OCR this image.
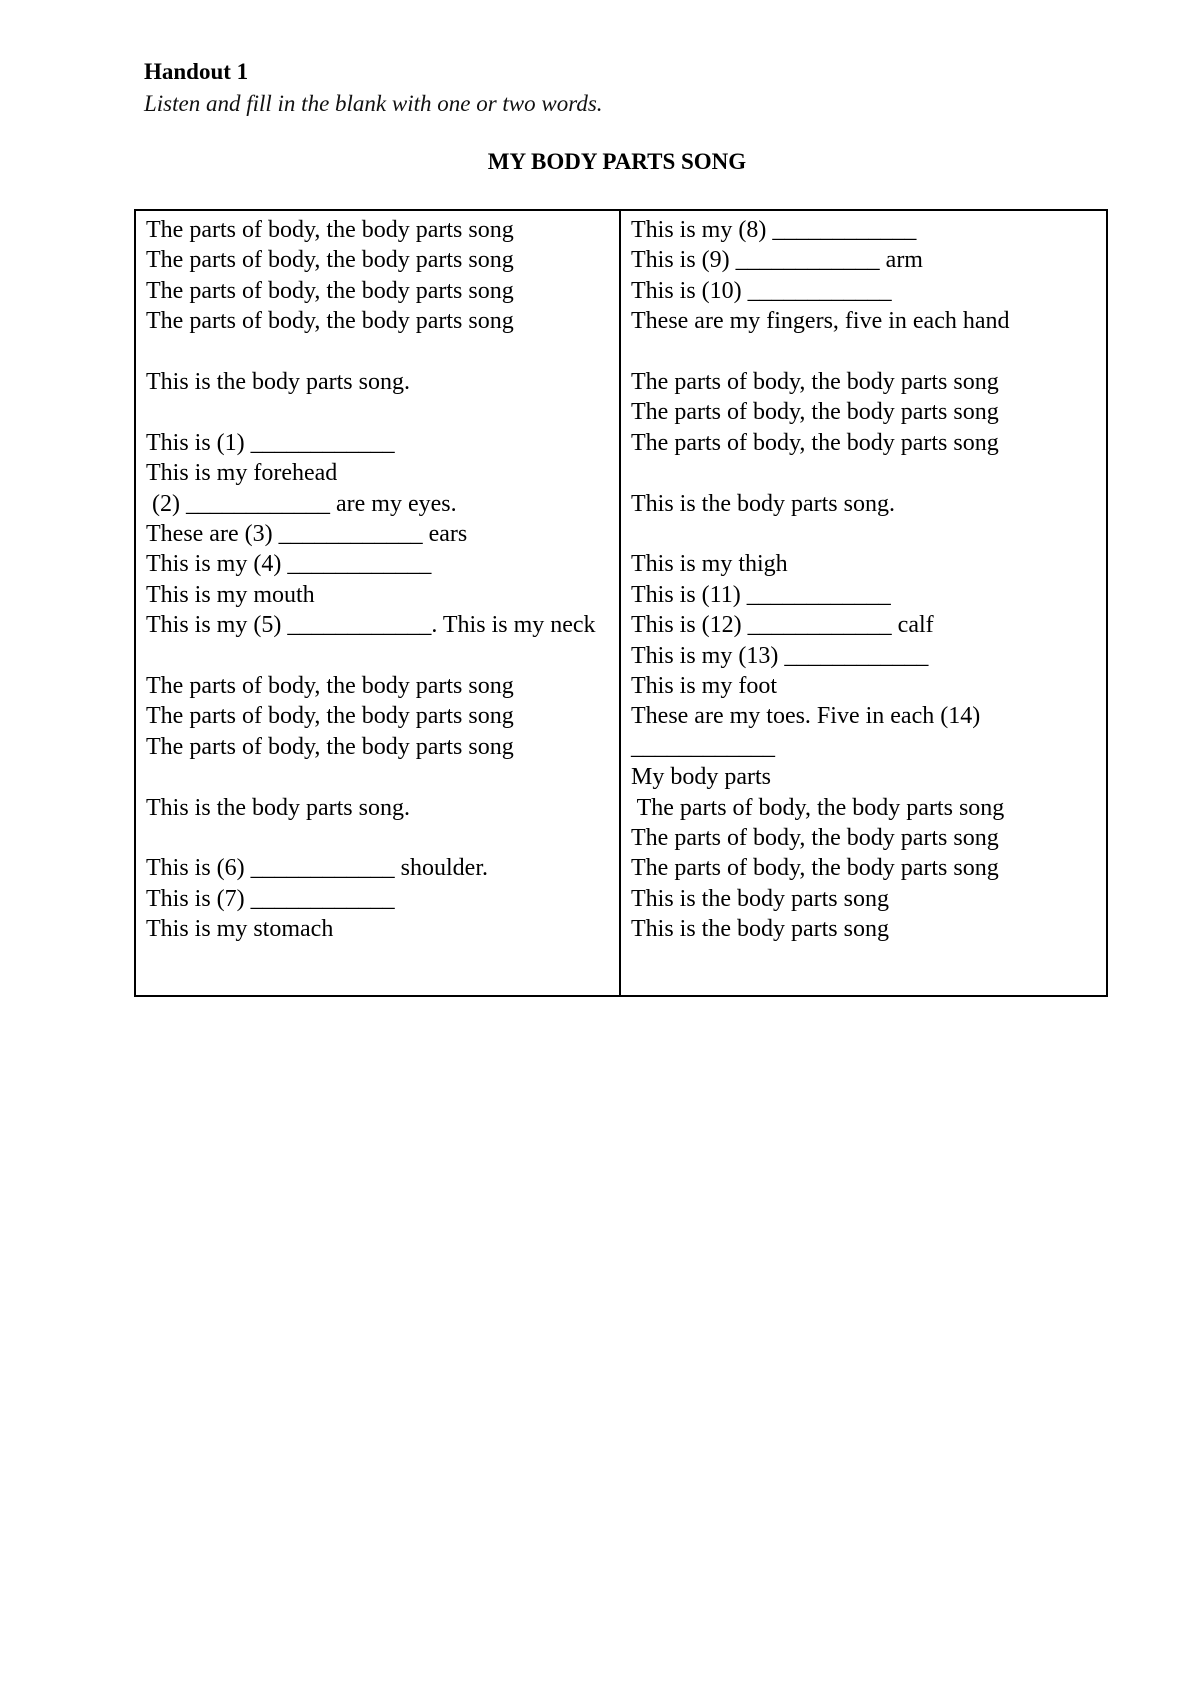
Handout 1
Listen and fill in the blank with one or two words.
MY BODY PARTS SONG
The parts of body, the body parts song
The parts of body, the body parts song
The parts of body, the body parts song
The parts of body, the body parts song
This is the body parts song.
This is (1) ____________
This is my forehead
(2) ____________ are my eyes.
These are (3) ____________ ears
This is my (4) ____________
This is my mouth
This is my (5) ____________. This is my neck
The parts of body, the body parts song
The parts of body, the body parts song
The parts of body, the body parts song
This is the body parts song.
This is (6) ____________ shoulder.
This is (7) ____________
This is my stomach
This is my (8) ____________
This is (9) ____________ arm
This is (10) ____________
These are my fingers, five in each hand
The parts of body, the body parts song
The parts of body, the body parts song
The parts of body, the body parts song
This is the body parts song.
This is my thigh
This is (11) ____________
This is (12) ____________ calf
This is my (13) ____________
This is my foot
These are my toes. Five in each (14) ____________
My body parts
The parts of body, the body parts song
The parts of body, the body parts song
The parts of body, the body parts song
This is the body parts song
This is the body parts song
